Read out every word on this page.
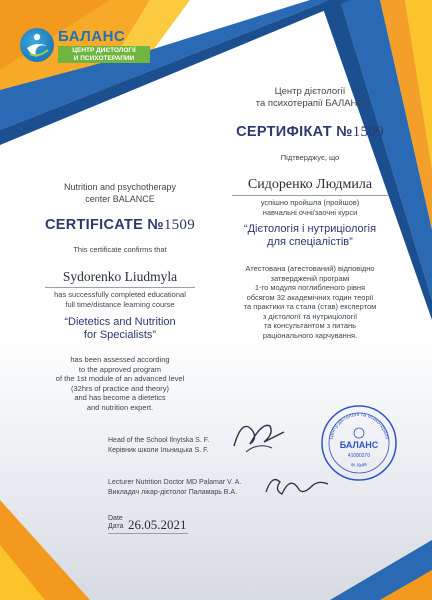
БАЛАНС
ЦЕНТР ДИЄТОЛОГІЇ
И ПСИХОТЕРАПИИ
Центр дієтології
та психотерапії БАЛАНС
СЕРТИФІКАТ №1509
Підтверджує, що
Сидоренко Людмила
успішно пройшла (пройшов)
навчальні очні/заочні курси
“Дієтологія і нутриціологія
для спеціалістів”
Атестована (атестований) відповідно
затвердженій програмі
1-го модуля поглибленого рівня
обсягом 32 академічних годин теорії
та практики та стала (став) експертом
з дієтології та нутриціології
та консультантом з питань
раціонального харчування.
Nutrition and psychotherapy
center BALANCE
CERTIFICATE №1509
This certificate confirms that
Sydorenko Liudmyla
has successfully completed educational
full time/distance learning course
“Dietetics and Nutrition
for Specialists”
has been assessed according
to the approved program
of the 1st module of an advanced level
(32hrs of practice and theory)
and has become a dietetics
and nutrition expert.
Head of the School Ilnytska S. F.
Керівник школи Ільницька S. F.
Lecturer Nutrition Doctor MD Palamar V. A.
Викладач лікар-дієтолог Паламарь В.А.
Центр дієтології та психотерапії
м. Київ
БАЛАНС
41080270
Date
Дата 26.05.2021
